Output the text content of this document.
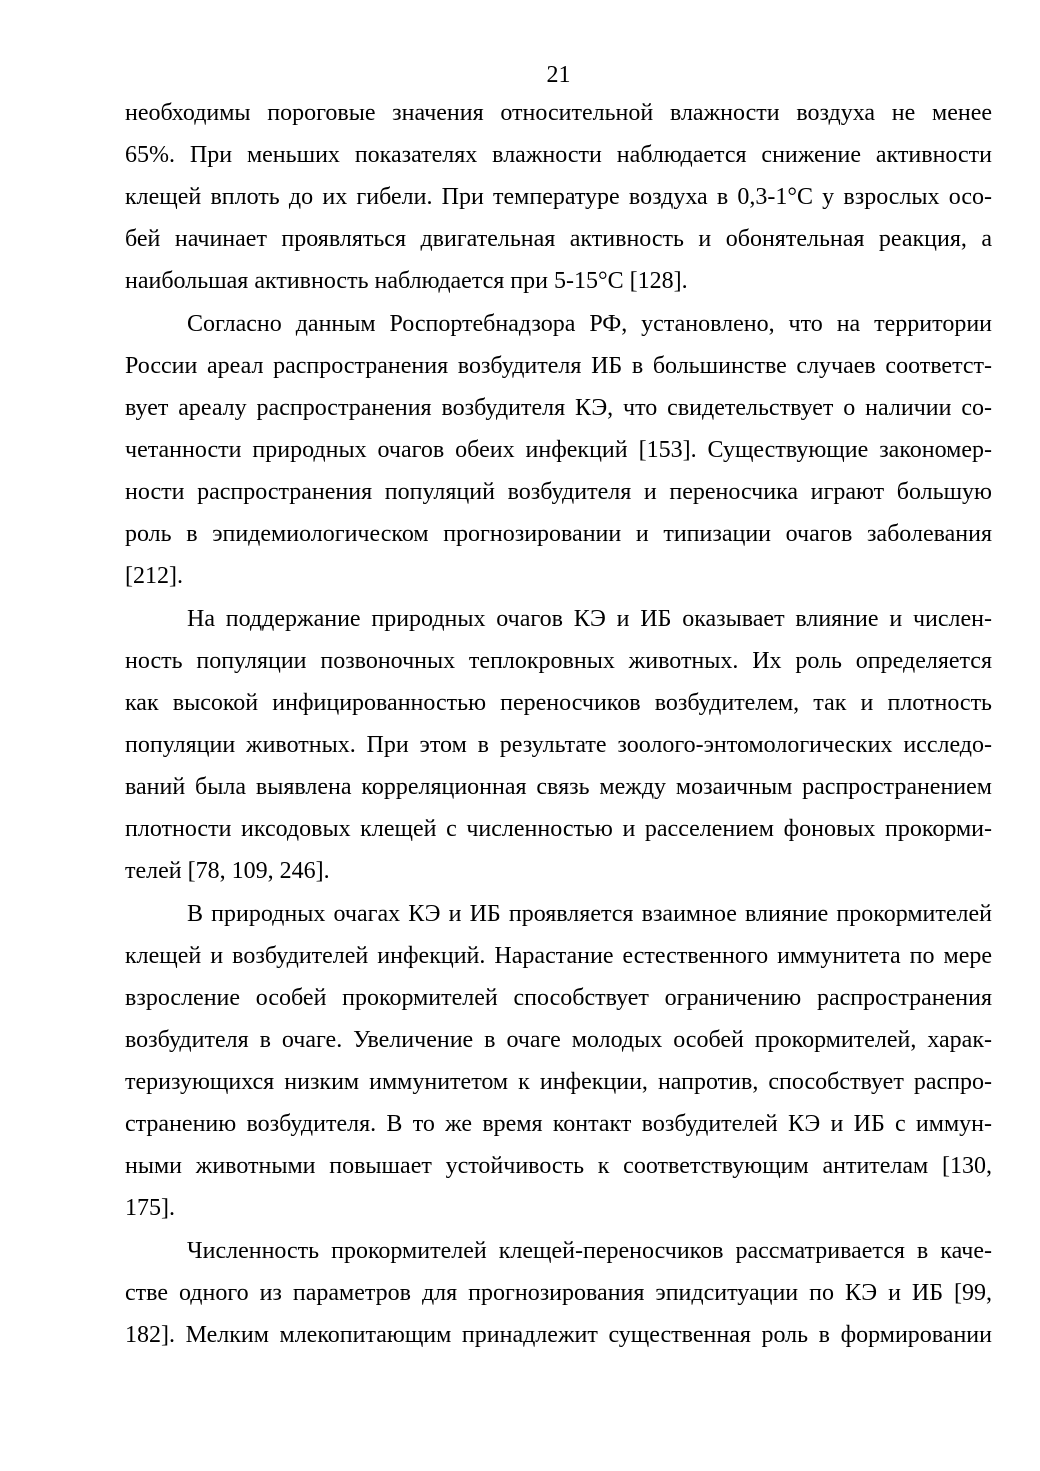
21
необходимы пороговые значения относительной влажности воздуха не менее
65%. При меньших показателях влажности наблюдается снижение активности
клещей вплоть до их гибели. При температуре воздуха в 0,3-1°С у взрослых осо-
бей начинает проявляться двигательная активность и обонятельная реакция, а
наибольшая активность наблюдается при 5-15°С [128].
Согласно данным Роспортебнадзора РФ, установлено, что на территории
России ареал распространения возбудителя ИБ в большинстве случаев соответст-
вует ареалу распространения возбудителя КЭ, что свидетельствует о наличии со-
четанности природных очагов обеих инфекций [153]. Существующие закономер-
ности распространения популяций возбудителя и переносчика играют большую
роль в эпидемиологическом прогнозировании и типизации очагов заболевания
[212].
На поддержание природных очагов КЭ и ИБ оказывает влияние и числен-
ность популяции позвоночных теплокровных животных. Их роль определяется
как высокой инфицированностью переносчиков возбудителем, так и плотность
популяции животных. При этом в результате зоолого-энтомологических исследо-
ваний была выявлена корреляционная связь между мозаичным распространением
плотности иксодовых клещей с численностью и расселением фоновых прокорми-
телей [78, 109, 246].
В природных очагах КЭ и ИБ проявляется взаимное влияние прокормителей
клещей и возбудителей инфекций. Нарастание естественного иммунитета по мере
взросление особей прокормителей способствует ограничению распространения
возбудителя в очаге. Увеличение в очаге молодых особей прокормителей, харак-
теризующихся низким иммунитетом к инфекции, напротив, способствует распро-
странению возбудителя. В то же время контакт возбудителей КЭ и ИБ с иммун-
ными животными повышает устойчивость к соответствующим антителам [130,
175].
Численность прокормителей клещей-переносчиков рассматривается в каче-
стве одного из параметров для прогнозирования эпидситуации по КЭ и ИБ [99,
182]. Мелким млекопитающим принадлежит существенная роль в формировании
